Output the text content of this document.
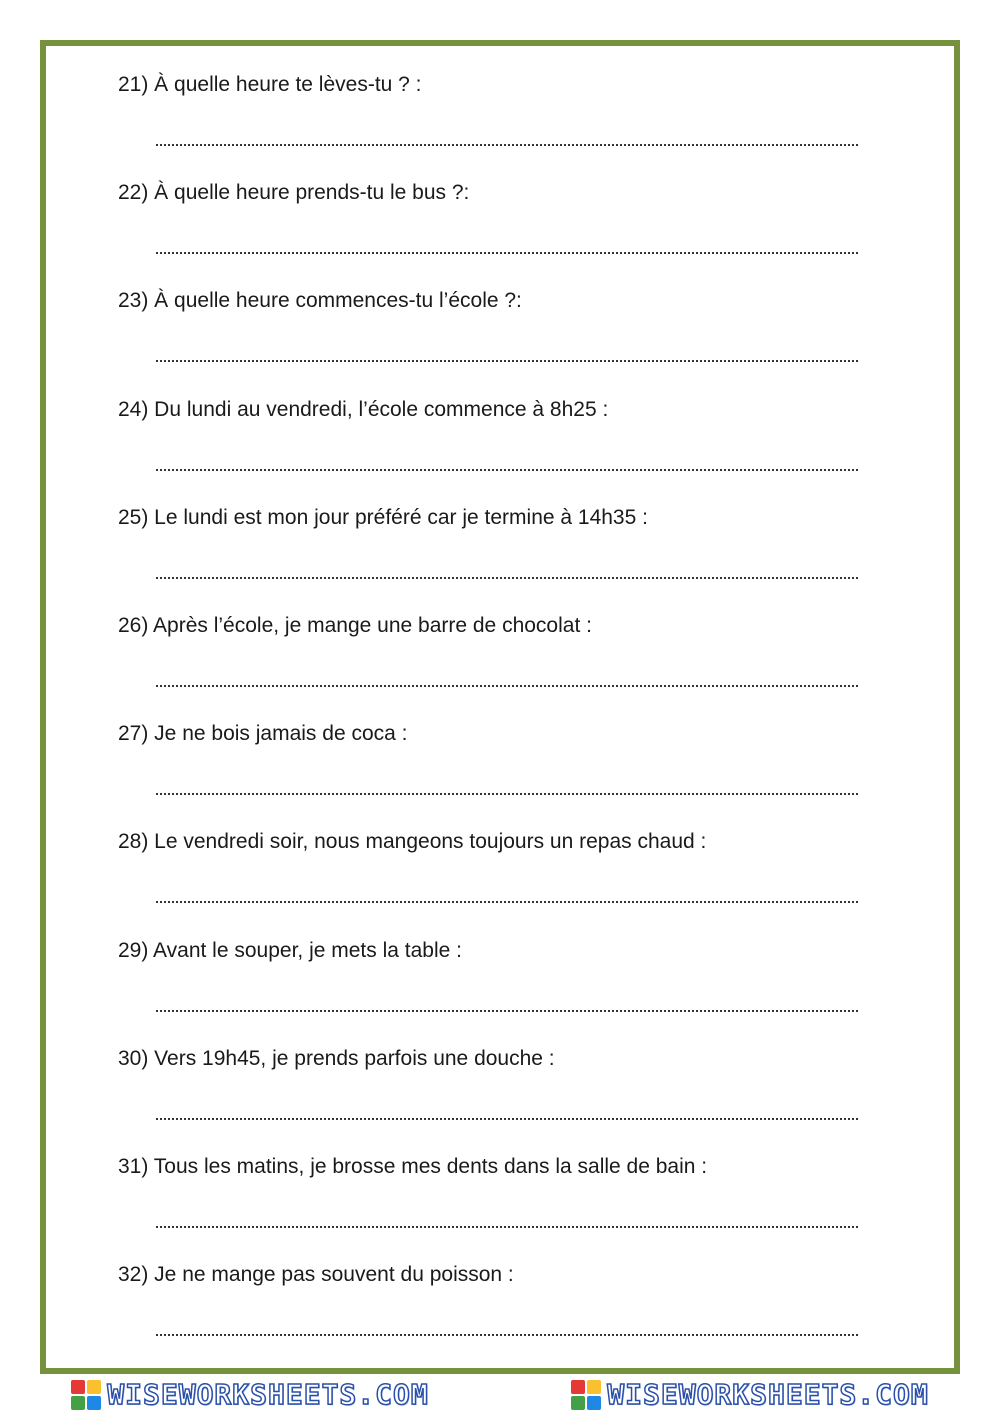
21) À quelle heure te lèves-tu ? :
22) À quelle heure prends-tu le bus ?:
23) À quelle heure commences-tu l’école ?:
24) Du lundi au vendredi, l’école commence à 8h25 :
25) Le lundi est mon jour préféré car je termine à 14h35 :
26) Après l’école, je mange une barre de chocolat :
27) Je ne bois jamais de coca :
28) Le vendredi soir, nous mangeons toujours un repas chaud :
29) Avant le souper, je mets la table :
30) Vers 19h45, je prends parfois une douche :
31) Tous les matins, je brosse mes dents dans la salle de bain :
32) Je ne mange pas souvent du poisson :
WISEWORKSHEETS.COM	WISEWORKSHEETS.COM
